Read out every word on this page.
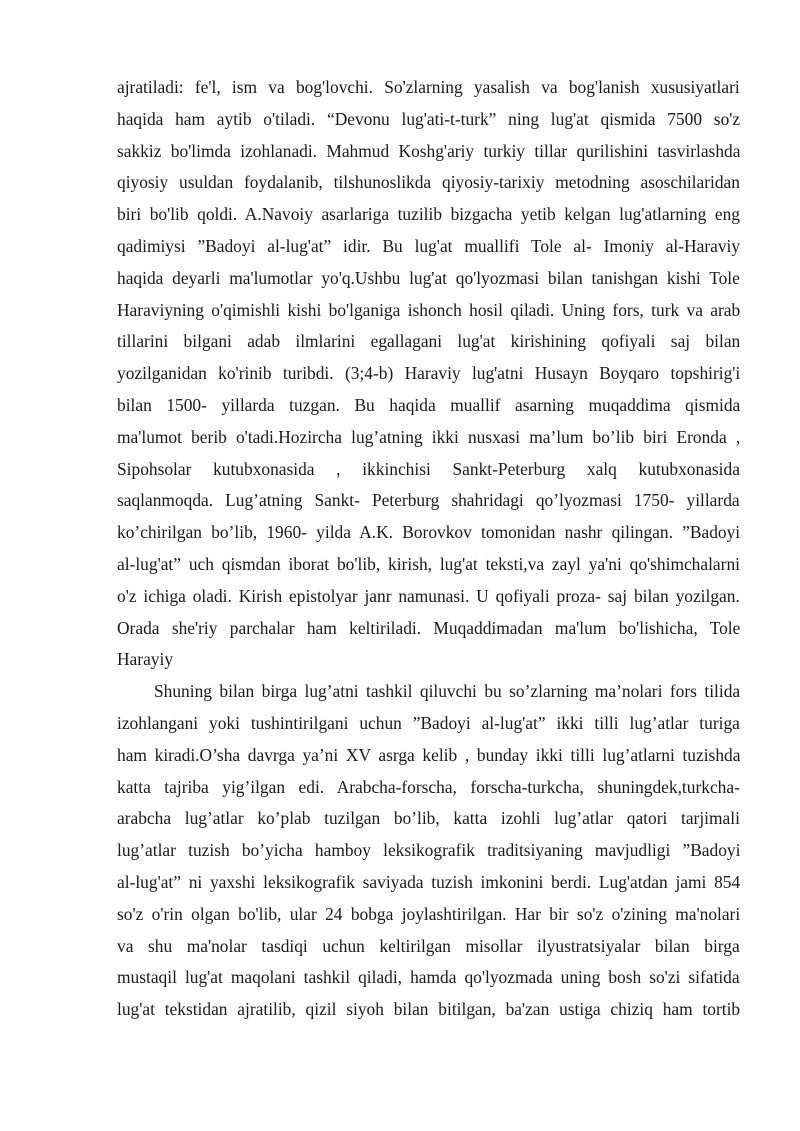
ajratiladi: fe'l, ism va bog'lovchi. So'zlarning yasalish va bog'lanish xususiyatlari
haqida ham aytib o'tiladi. “Devonu lug'ati-t-turk” ning lug'at qismida 7500 so'z
sakkiz bo'limda izohlanadi. Mahmud Koshg'ariy turkiy tillar qurilishini tasvirlashda
qiyosiy usuldan foydalanib, tilshunoslikda qiyosiy-tarixiy metodning asoschilaridan
biri bo'lib qoldi. A.Navoiy asarlariga tuzilib bizgacha yetib kelgan lug'atlarning eng
qadimiysi ”Badoyi al-lug'at” idir. Bu lug'at muallifi Tole al- Imoniy al-Haraviy
haqida deyarli ma'lumotlar yo'q.Ushbu lug'at qo'lyozmasi bilan tanishgan kishi Tole
Haraviyning o'qimishli kishi bo'lganiga ishonch hosil qiladi. Uning fors, turk va arab
tillarini bilgani adab ilmlarini egallagani lug'at kirishining qofiyali saj bilan
yozilganidan ko'rinib turibdi. (3;4-b) Haraviy lug'atni Husayn Boyqaro topshirig'i
bilan 1500- yillarda tuzgan. Bu haqida muallif asarning muqaddima qismida
ma'lumot berib o'tadi.Hozircha lug’atning ikki nusxasi ma’lum bo’lib biri Eronda ,
Sipohsolar kutubxonasida , ikkinchisi Sankt-Peterburg xalq kutubxonasida
saqlanmoqda. Lug’atning Sankt- Peterburg shahridagi qo’lyozmasi 1750- yillarda
ko’chirilgan bo’lib, 1960- yilda A.K. Borovkov tomonidan nashr qilingan. ”Badoyi
al-lug'at” uch qismdan iborat bo'lib, kirish, lug'at teksti,va zayl ya'ni qo'shimchalarni
o'z ichiga oladi. Kirish epistolyar janr namunasi. U qofiyali proza- saj bilan yozilgan.
Orada she'riy parchalar ham keltiriladi. Muqaddimadan ma'lum bo'lishicha, Tole
Harayiy
Shuning bilan birga lug’atni tashkil qiluvchi bu so’zlarning ma’nolari fors tilida
izohlangani yoki tushintirilgani uchun ”Badoyi al-lug'at” ikki tilli lug’atlar turiga
ham kiradi.O’sha davrga ya’ni XV asrga kelib , bunday ikki tilli lug’atlarni tuzishda
katta tajriba yig’ilgan edi. Arabcha-forscha, forscha-turkcha, shuningdek,turkcha-
arabcha lug’atlar ko’plab tuzilgan bo’lib, katta izohli lug’atlar qatori tarjimali
lug’atlar tuzish bo’yicha hamboy leksikografik traditsiyaning mavjudligi ”Badoyi
al-lug'at” ni yaxshi leksikografik saviyada tuzish imkonini berdi. Lug'atdan jami 854
so'z o'rin olgan bo'lib, ular 24 bobga joylashtirilgan. Har bir so'z o'zining ma'nolari
va shu ma'nolar tasdiqi uchun keltirilgan misollar ilyustratsiyalar bilan birga
mustaqil lug'at maqolani tashkil qiladi, hamda qo'lyozmada uning bosh so'zi sifatida
lug'at tekstidan ajratilib, qizil siyoh bilan bitilgan, ba'zan ustiga chiziq ham tortib
